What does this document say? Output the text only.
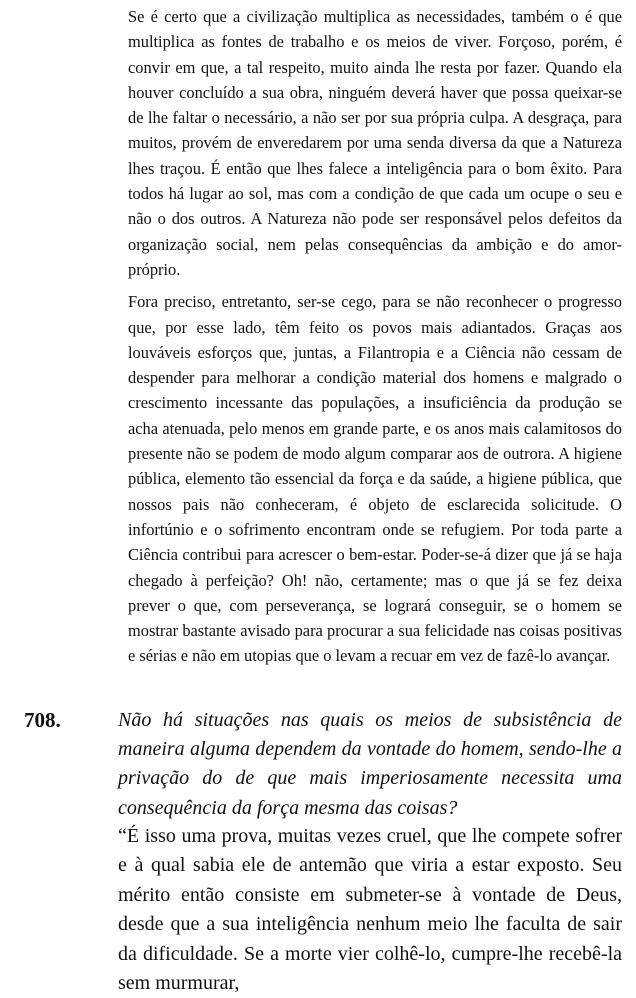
Se é certo que a civilização multiplica as necessidades, também o é que multiplica as fontes de trabalho e os meios de viver. Forçoso, porém, é convir em que, a tal respeito, muito ainda lhe resta por fazer. Quando ela houver concluído a sua obra, ninguém deverá haver que possa queixar-se de lhe faltar o necessário, a não ser por sua própria culpa. A desgraça, para muitos, provém de enveredarem por uma senda diversa da que a Natureza lhes traçou. É então que lhes falece a inteligência para o bom êxito. Para todos há lugar ao sol, mas com a condição de que cada um ocupe o seu e não o dos outros. A Natureza não pode ser responsável pelos defeitos da organização social, nem pelas consequências da ambição e do amor-próprio.

Fora preciso, entretanto, ser-se cego, para se não reconhecer o progresso que, por esse lado, têm feito os povos mais adiantados. Graças aos louváveis esforços que, juntas, a Filantropia e a Ciência não cessam de despender para melhorar a condição material dos homens e malgrado o crescimento incessante das populações, a insuficiência da produção se acha atenuada, pelo menos em grande parte, e os anos mais calamitosos do presente não se podem de modo algum comparar aos de outrora. A higiene pública, elemento tão essencial da força e da saúde, a higiene pública, que nossos pais não conheceram, é objeto de esclarecida solicitude. O infortúnio e o sofrimento encontram onde se refugiem. Por toda parte a Ciência contribui para acrescer o bem-estar. Poder-se-á dizer que já se haja chegado à perfeição? Oh! não, certamente; mas o que já se fez deixa prever o que, com perseverança, se logrará conseguir, se o homem se mostrar bastante avisado para procurar a sua felicidade nas coisas positivas e sérias e não em utopias que o levam a recuar em vez de fazê-lo avançar.

708.	Não há situações nas quais os meios de subsistência de maneira alguma dependem da vontade do homem, sendo-lhe a privação do de que mais imperiosamente necessita uma consequência da força mesma das coisas?

“É isso uma prova, muitas vezes cruel, que lhe compete sofrer e à qual sabia ele de antemão que viria a estar exposto. Seu mérito então consiste em submeter-se à vontade de Deus, desde que a sua inteligência nenhum meio lhe faculta de sair da dificuldade. Se a morte vier colhê-lo, cumpre-lhe recebê-la sem murmurar,
